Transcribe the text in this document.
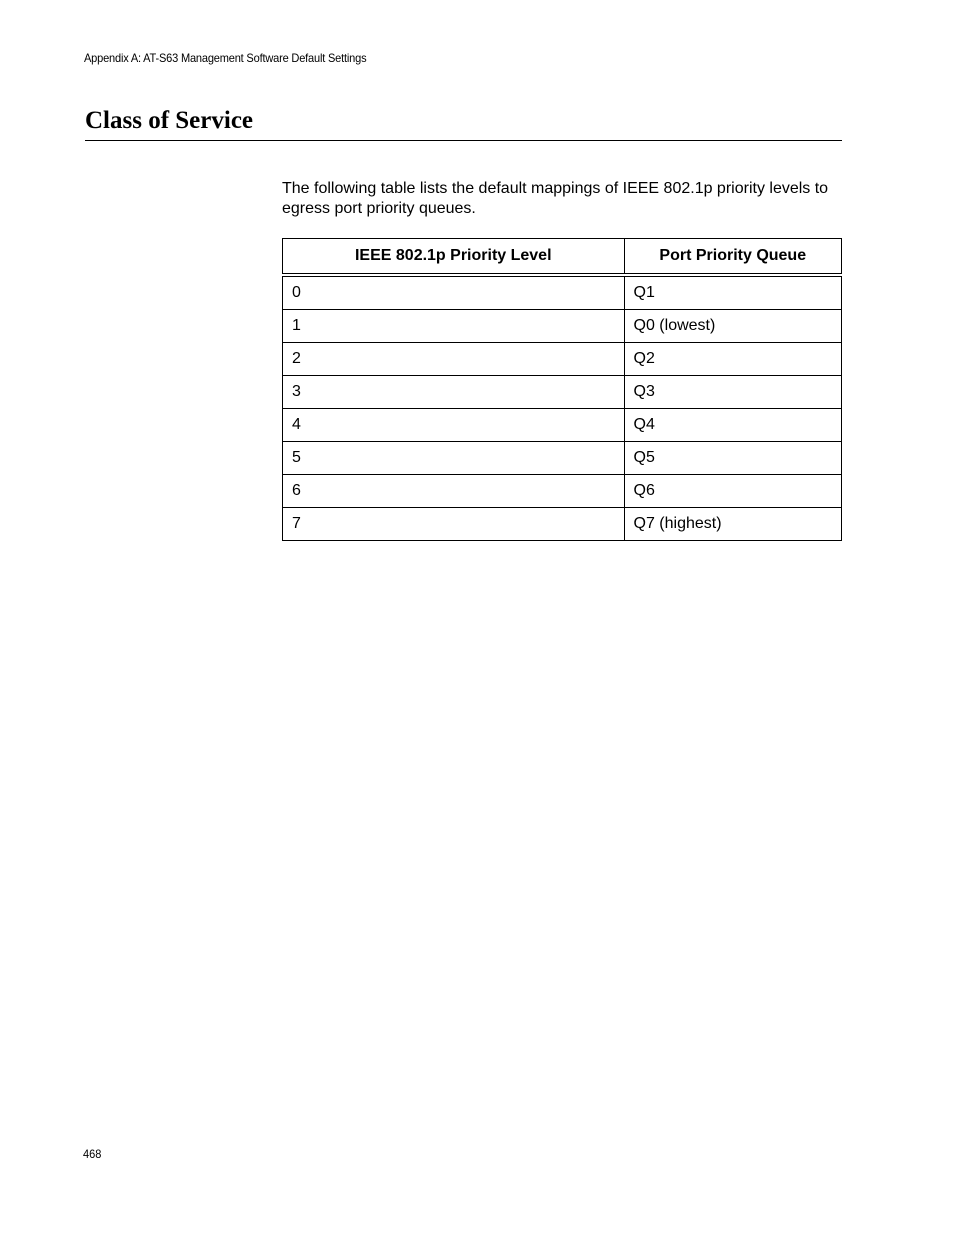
Appendix A: AT-S63 Management Software Default Settings
Class of Service

The following table lists the default mappings of IEEE 802.1p priority levels to egress port priority queues.

IEEE 802.1p Priority Level	Port Priority Queue
0	Q1
1	Q0 (lowest)
2	Q2
3	Q3
4	Q4
5	Q5
6	Q6
7	Q7 (highest)
468
